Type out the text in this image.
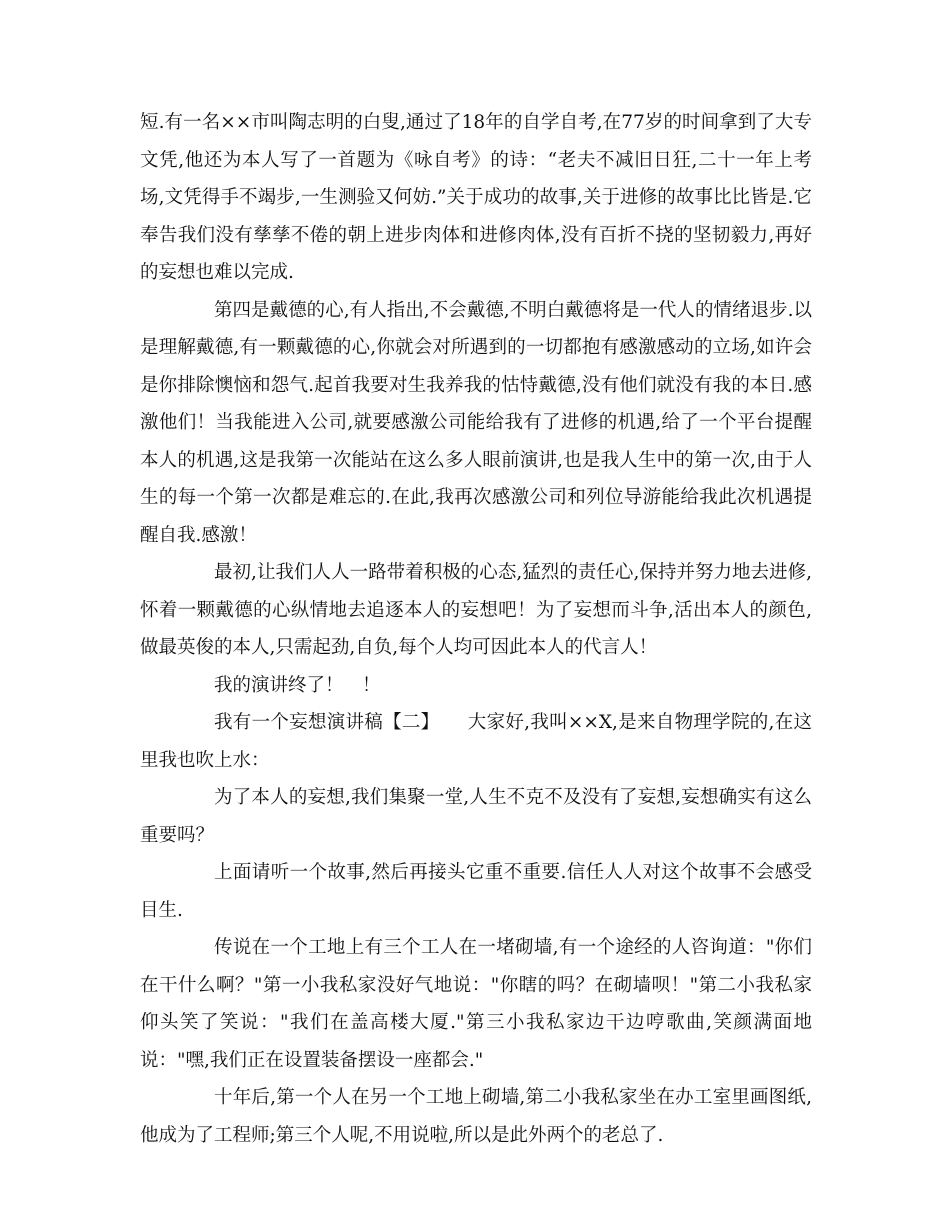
短.有一名××市叫陶志明的白叟,通过了18年的自学自考,在77岁的时间拿到了大专文凭,他还为本人写了一首题为《咏自考》的诗：“老夫不减旧日狂,二十一年上考场,文凭得手不竭步,一生测验又何妨.”关于成功的故事,关于进修的故事比比皆是.它奉告我们没有孳孳不倦的朝上进步肉体和进修肉体,没有百折不挠的坚韧毅力,再好的妄想也难以完成.

第四是戴德的心,有人指出,不会戴德,不明白戴德将是一代人的情绪退步.以是理解戴德,有一颗戴德的心,你就会对所遇到的一切都抱有感激感动的立场,如许会是你排除懊恼和怨气.起首我要对生我养我的怙恃戴德,没有他们就没有我的本日.感激他们！当我能进入公司,就要感激公司能给我有了进修的机遇,给了一个平台提醒本人的机遇,这是我第一次能站在这么多人眼前演讲,也是我人生中的第一次,由于人生的每一个第一次都是难忘的.在此,我再次感激公司和列位导游能给我此次机遇提醒自我.感激！

最初,让我们人人一路带着积极的心态,猛烈的责任心,保持并努力地去进修,怀着一颗戴德的心纵情地去追逐本人的妄想吧！为了妄想而斗争,活出本人的颜色,做最英俊的本人,只需起劲,自负,每个人均可因此本人的代言人！

我的演讲终了！　！

我有一个妄想演讲稿【二】　　大家好,我叫××X,是来自物理学院的,在这里我也吹上水：

为了本人的妄想,我们集聚一堂,人生不克不及没有了妄想,妄想确实有这么重要吗？

上面请听一个故事,然后再接头它重不重要.信任人人对这个故事不会感受目生.

传说在一个工地上有三个工人在一堵砌墙,有一个途经的人咨询道："你们在干什么啊？"第一小我私家没好气地说："你瞎的吗？在砌墙呗！"第二小我私家仰头笑了笑说："我们在盖高楼大厦."第三小我私家边干边哼歌曲,笑颜满面地说："嘿,我们正在设置装备摆设一座都会."

十年后,第一个人在另一个工地上砌墙,第二小我私家坐在办工室里画图纸,他成为了工程师;第三个人呢,不用说啦,所以是此外两个的老总了.
